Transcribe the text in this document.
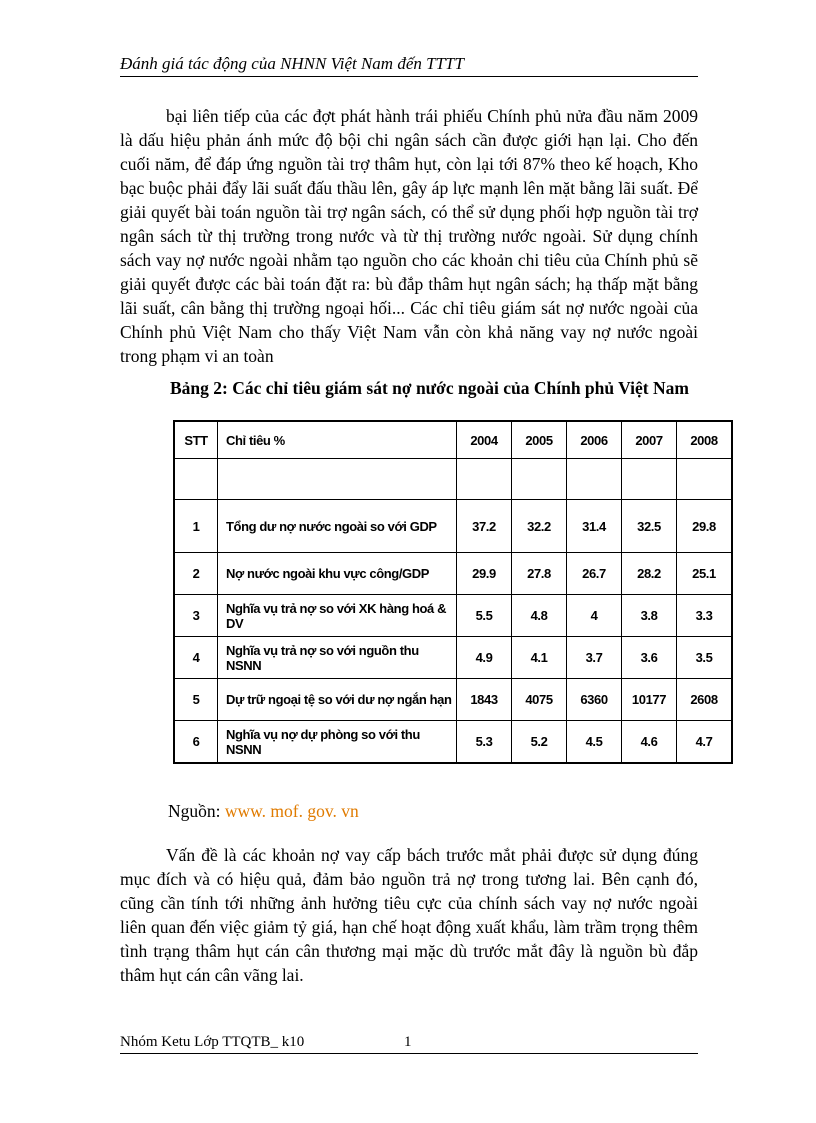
Đánh giá tác động của NHNN Việt Nam đến TTTT
bại liên tiếp của các đợt phát hành trái phiếu Chính phủ nửa đầu năm 2009 là dấu hiệu phản ánh mức độ bội chi ngân sách cần được giới hạn lại. Cho đến cuối năm, để đáp ứng nguồn tài trợ thâm hụt, còn lại tới 87% theo kế hoạch, Kho bạc buộc phải đẩy lãi suất đấu thầu lên, gây áp lực mạnh lên mặt bằng lãi suất. Để giải quyết bài toán nguồn tài trợ ngân sách, có thể sử dụng phối hợp nguồn tài trợ ngân sách từ thị trường trong nước và từ thị trường nước ngoài. Sử dụng chính sách vay nợ nước ngoài nhằm tạo nguồn cho các khoản chi tiêu của Chính phủ sẽ giải quyết được các bài toán đặt ra: bù đắp thâm hụt ngân sách; hạ thấp mặt bằng lãi suất, cân bằng thị trường ngoại hối... Các chỉ tiêu giám sát nợ nước ngoài của Chính phủ Việt Nam cho thấy Việt Nam vẫn còn khả năng vay nợ nước ngoài trong phạm vi an toàn
Bảng 2: Các chỉ tiêu giám sát nợ nước ngoài của Chính phủ Việt Nam
STT	Chỉ tiêu %	2004	2005	2006	2007	2008

1	Tổng dư nợ nước ngoài so với GDP	37.2	32.2	31.4	32.5	29.8
2	Nợ nước ngoài khu vực công/GDP	29.9	27.8	26.7	28.2	25.1
3	Nghĩa vụ trả nợ so với XK hàng hoá & DV	5.5	4.8	4	3.8	3.3
4	Nghĩa vụ trả nợ so với nguồn thu NSNN	4.9	4.1	3.7	3.6	3.5
5	Dự trữ ngoại tệ so với dư nợ ngắn hạn	1843	4075	6360	10177	2608
6	Nghĩa vụ nợ dự phòng so với thu NSNN	5.3	5.2	4.5	4.6	4.7
Nguồn: www. mof. gov. vn
Vấn đề là các khoản nợ vay cấp bách trước mắt phải được sử dụng đúng mục đích và có hiệu quả, đảm bảo nguồn trả nợ trong tương lai. Bên cạnh đó, cũng cần tính tới những ảnh hưởng tiêu cực của chính sách vay nợ nước ngoài liên quan đến việc giảm tỷ giá, hạn chế hoạt động xuất khẩu, làm trầm trọng thêm tình trạng thâm hụt cán cân thương mại mặc dù trước mắt đây là nguồn bù đắp thâm hụt cán cân vãng lai.
Nhóm Ketu Lớp TTQTB_ k10	1
